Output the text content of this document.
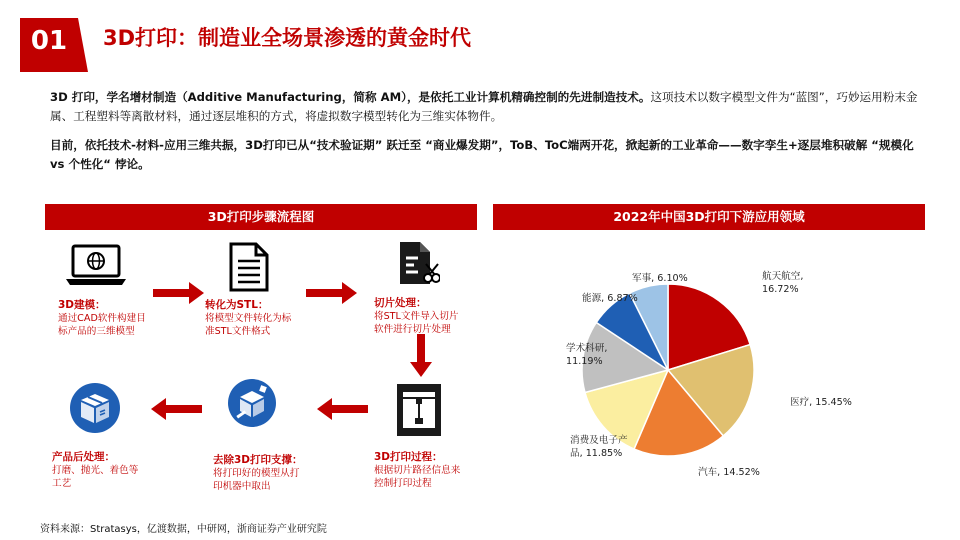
01	3D打印：制造业全场景渗透的黄金时代
3D 打印，学名增材制造（Additive Manufacturing，简称 AM），是依托工业计算机精确控制的先进制造技术。这项技术以数字模型文件为“蓝图”，巧妙运用粉末金属、工程塑料等离散材料，通过逐层堆积的方式，将虚拟数字模型转化为三维实体物件。
目前，依托技术-材料-应用三维共振，3D打印已从“技术验证期” 跃迁至 “商业爆发期”，ToB、ToC端两开花，掀起新的工业革命——数字孪生+逐层堆积破解 “规模化 vs 个性化“ 悖论。
3D打印步骤流程图	2022年中国3D打印下游应用领域
3D建模：
通过CAD软件构建目
标产品的三维模型
转化为STL：
将模型文件转化为标
准STL文件格式
切片处理：
将STL文件导入切片
软件进行切片处理
3D打印过程：
根据切片路径信息来
控制打印过程
去除3D打印支撑：
将打印好的模型从打
印机器中取出
产品后处理：
打磨、抛光、着色等
工艺
航天航空,
16.72%
医疗, 15.45%
汽车, 14.52%
消费及电子产
品, 11.85%
学术科研,
11.19%
能源, 6.87%
军事, 6.10%
资料来源：Stratasys，亿渡数据，中研网，浙商证券产业研究院
